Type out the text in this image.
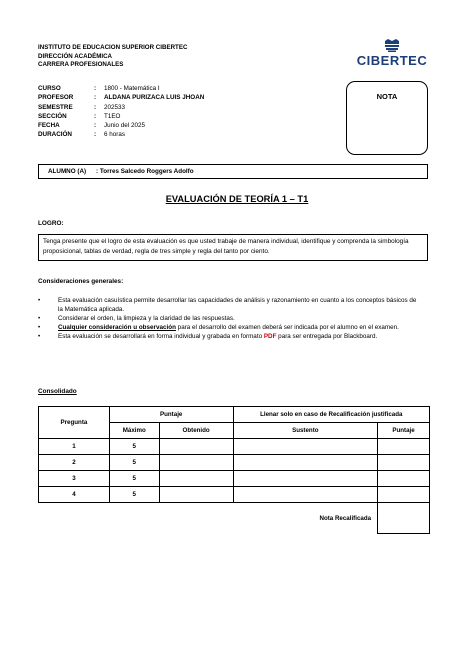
INSTITUTO DE EDUCACION SUPERIOR CIBERTEC
DIRECCIÓN ACADÉMICA
CARRERA PROFESIONALES	CIBERTEC
CURSO	:	1800 - Matemática I
PROFESOR	:	ALDANA PURIZACA LUIS JHOAN
SEMESTRE	:	202533
SECCIÓN	:	T1EO
FECHA	:	Junio del 2025
DURACIÓN	:	6 horas
NOTA
ALUMNO (A)	: Torres Salcedo Roggers Adolfo
EVALUACIÓN DE TEORÍA 1 – T1
LOGRO:
Tenga presente que el logro de esta evaluación es que usted trabaje de manera individual, identifique y comprenda la simbología proposicional, tablas de verdad, regla de tres simple y regla del tanto por ciento.
Consideraciones generales:
•	Esta evaluación casuística permite desarrollar las capacidades de análisis y razonamiento en cuanto a los conceptos básicos de la Matemática aplicada.
•	Considerar el orden, la limpieza y la claridad de las respuestas.
•	Cualquier consideración u observación para el desarrollo del examen deberá ser indicada por el alumno en el examen.
•	Esta evaluación se desarrollará en forma individual y grabada en formato PDF para ser entregada por Blackboard.
Consolidado
Pregunta	Puntaje		Llenar solo en caso de Recalificación justificada	
	Máximo	Obtenido	Sustento	Puntaje
1	5			
2	5			
3	5			
4	5			
Nota Recalificada				
